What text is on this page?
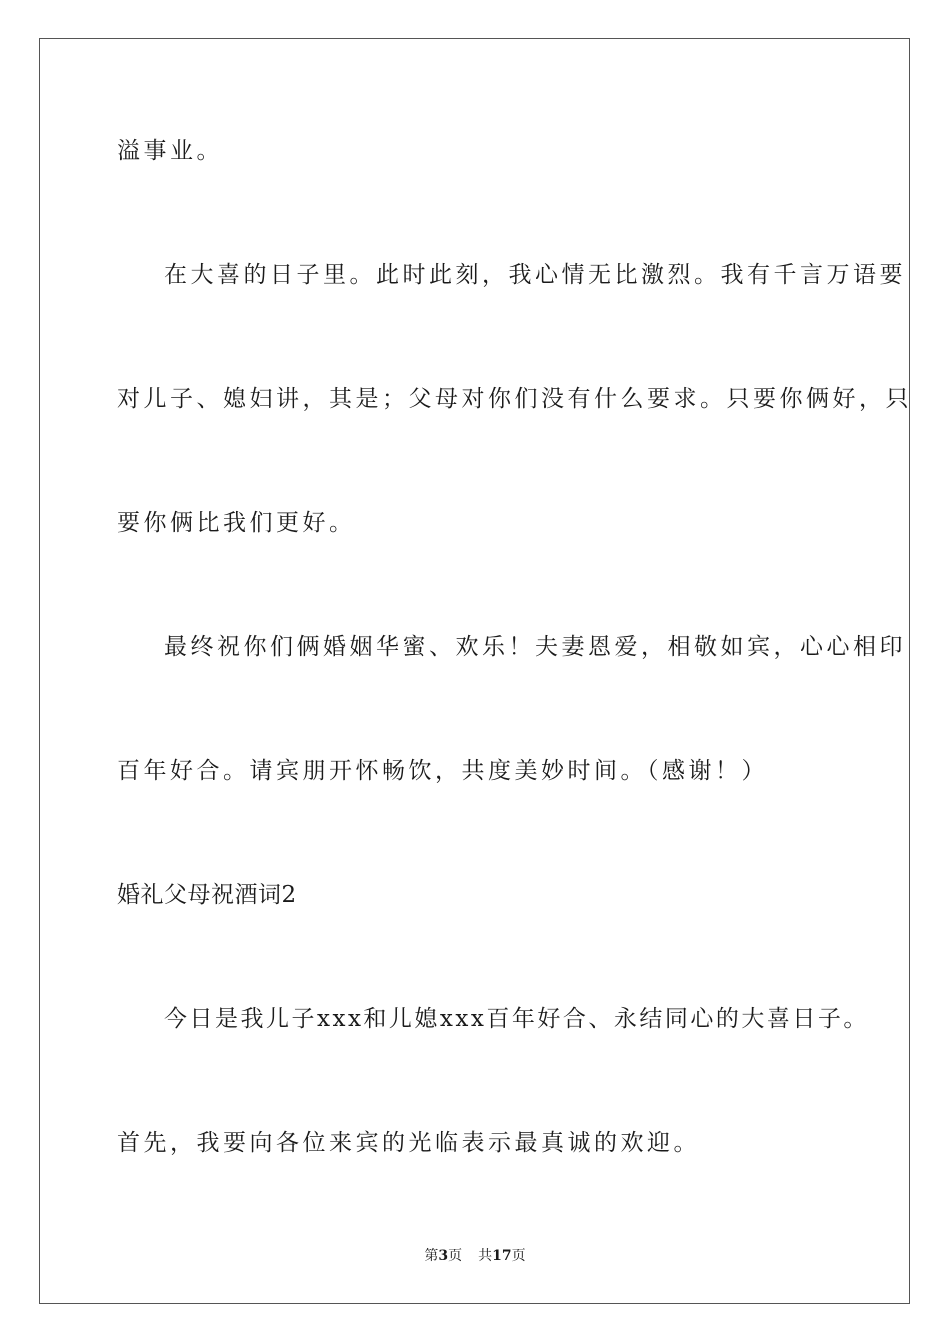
溢事业。
在大喜的日子里。此时此刻，我心情无比激烈。我有千言万语要
对儿子、媳妇讲，其是；父母对你们没有什么要求。只要你俩好，只
要你俩比我们更好。
最终祝你们俩婚姻华蜜、欢乐！夫妻恩爱，相敬如宾，心心相印
百年好合。请宾朋开怀畅饮，共度美妙时间。（感谢！）
婚礼父母祝酒词2
今日是我儿子xxx和儿媳xxx百年好合、永结同心的大喜日子。
首先，我要向各位来宾的光临表示最真诚的欢迎。
第3页 共17页
